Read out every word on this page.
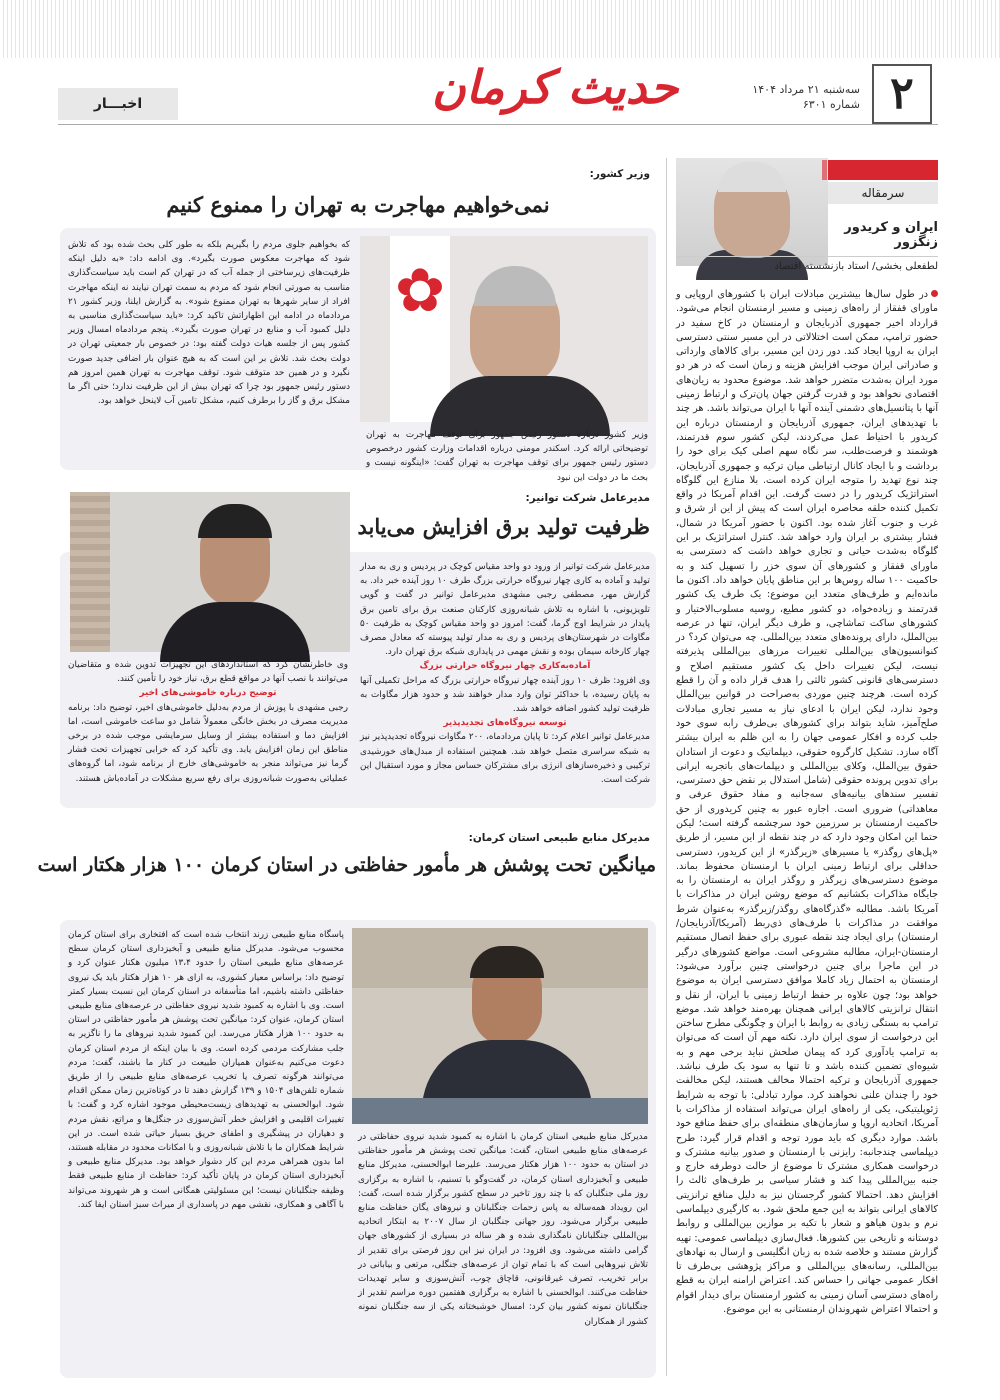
۲
سه‌شنبه ۲۱ مرداد ۱۴۰۴
شماره ۶۳۰۱
حدیث کرمان
اخبـــار
سرمقاله
ایران و کریدور زنگزور
لطفعلی بخشی/ استاد بازنشسته اقتصاد
در طول سال‌ها بیشترین مبادلات ایران با کشورهای اروپایی و ماورای قفقاز از راه‌های زمینی و مسیر ارمنستان انجام می‌شود. قرارداد اخیر جمهوری آذربایجان و ارمنستان در کاخ سفید در حضور ترامپ، ممکن است اختلالاتی در این مسیر سنتی دسترسی ایران به اروپا ایجاد کند. دور زدن این مسیر، برای کالاهای وارداتی و صادراتی ایران موجب افزایش هزینه و زمان است که در هر دو مورد ایران به‌شدت متضرر خواهد شد. موضوع محدود به زیان‌های اقتصادی نخواهد بود و قدرت گرفتن جهان پان‌ترک و ارتباط زمینی آنها با پتانسیل‌های دشمنی آینده آنها با ایران می‌تواند باشد. هر چند با تهدیدهای ایران، جمهوری آذربایجان و ارمنستان درباره این کریدور با احتیاط عمل می‌کردند، لیکن کشور سوم قدرتمند، هوشمند و فرصت‌طلب، سر نگاه سهم اصلی کیک برای خود را برداشت و با ایجاد کانال ارتباطی میان ترکیه و جمهوری آذربایجان، چند نوع تهدید را متوجه ایران کرده است. بلا منازع این گلوگاه استراتژیک کریدور را در دست گرفت. این اقدام آمریکا در واقع تکمیل کننده حلقه محاصره ایران است که پیش از این از شرق و غرب و جنوب آغاز شده بود. اکنون با حضور آمریکا در شمال، فشار بیشتری بر ایران وارد خواهد شد. کنترل استراتژیک بر این گلوگاه به‌شدت حیاتی و تجاری خواهد داشت که دسترسی به ماورای قفقاز و کشورهای آن سوی خزر را تسهیل کند و به حاکمیت ۱۰۰ ساله روس‌ها بر این مناطق پایان خواهد داد. اکنون ما مانده‌ایم و طرف‌های متعدد این موضوع: یک طرف یک کشور قدرتمند و زیاده‌خواه، دو کشور مطیع، روسیه مسلوب‌الاختیار و کشورهای ساکت تماشاچی، و طرف دیگر ایران، تنها در عرصه بین‌الملل، دارای پرونده‌های متعدد بین‌المللی. چه می‌توان کرد؟ در کنوانسیون‌های بین‌المللی تغییرات مرزهای بین‌المللی پذیرفته نیست، لیکن تغییرات داخل یک کشور مستقیم اصلاح و دسترسی‌های قانونی کشور ثالثی را هدف قرار داده و آن را قطع کرده است. هرچند چنین موردی به‌صراحت در قوانین بین‌الملل وجود ندارد، لیکن ایران با ادعای نیاز به مسیر تجاری مبادلات صلح‌آمیز، شاید بتواند برای کشورهای بی‌طرف رابه سوی خود جلب کرده و افکار عمومی جهان را به این ظلم به ایران بیشتر آگاه سازد. تشکیل کارگروه حقوقی، دیپلماتیک و دعوت از استادان حقوق بین‌الملل، وکلای بین‌المللی و دیپلمات‌های باتجربه ایرانی برای تدوین پرونده حقوقی (شامل استدلال بر نقض حق دسترسی، تفسیر سندهای بیانیه‌های سه‌جانبه و مفاد حقوق عرفی و معاهداتی) ضروری است. اجازه عبور به چنین کریدوری از حق حاکمیت ارمنستان بر سرزمین خود سرچشمه گرفته است؛ لیکن حتما این امکان وجود دارد که در چند نقطه از این مسیر، از طریق «پل‌های روگذر» یا مسیرهای «زیرگذر» از این کریدور، دسترسی حداقلی برای ارتباط زمینی ایران با ارمنستان محفوظ بماند. موضوع دسترسی‌های زیرگذر و روگذر ایران به ارمنستان را به جایگاه مذاکرات بکشانیم که موضع روشن ایران در مذاکرات با آمریکا باشد. مطالبه «گذرگاه‌های روگذر/زیرگذر» به‌عنوان شرط موافقت در مذاکرات با طرف‌های ذی‌ربط (آمریکا/آذربایجان/ارمنستان) برای ایجاد چند نقطه عبوری برای حفظ اتصال مستقیم ارمنستان-ایران، مطالبه مشروعی است. مواضع کشورهای درگیر در این ماجرا برای چنین درخواستی چنین برآورد می‌شود: ارمنستان به احتمال زیاد کاملا موافق دسترسی ایران به موضوع خواهد بود؛ چون علاوه بر حفظ ارتباط زمینی با ایران، از نقل و انتقال ترانزیتی کالاهای ایرانی همچنان بهره‌مند خواهد شد. موضع ترامپ به بستگی زیادی به روابط با ایران و چگونگی مطرح ساختن این درخواست از سوی ایران دارد. نکته مهم آن است که می‌توان به ترامپ یادآوری کرد که پیمان صلحش نباید برخی مهم و به شیوه‌ای تضمین کننده باشد و تا تنها به سود یک طرف نباشد. جمهوری آذربایجان و ترکیه احتمالا مخالف هستند، لیکن مخالفت خود را چندان علنی نخواهند کرد. موارد تبادلی: با توجه به شرایط ژئوپلیتیکی، یکی از راه‌های ایران می‌تواند استفاده از مذاکرات با آمریکا، اتحادیه اروپا و سازمان‌های منطقه‌ای برای حفظ منافع خود باشد. موارد دیگری که باید مورد توجه و اقدام قرار گیرد: طرح دیپلماسی چندجانبه: رایزنی با ارمنستان و صدور بیانیه مشترک و درخواست همکاری مشترک تا موضوع از حالت دوطرفه خارج و جنبه بین‌المللی پیدا کند و فشار سیاسی بر طرف‌های ثالث را افزایش دهد. احتمالا کشور گرجستان نیز به دلیل منافع ترانزیتی کالاهای ایرانی بتواند به این جمع ملحق شود. به کارگیری دیپلماسی نرم و بدون هیاهو و شعار با تکیه بر موازین بین‌المللی و روابط دوستانه و تاریخی بین کشورها. فعال‌سازی دیپلماسی عمومی: تهیه گزارش مستند و خلاصه شده به زبان انگلیسی و ارسال به نهادهای بین‌المللی، رسانه‌های بین‌المللی و مراکز پژوهشی بی‌طرف تا افکار عمومی جهانی را حساس کند. اعتراض ارامنه ایران به قطع راه‌های دسترسی آسان زمینی به کشور ارمنستان برای دیدار اقوام و احتمالا اعتراض شهروندان ارمنستانی به این موضوع.
وزیر کشور:
نمی‌خواهیم مهاجرت به تهران را ممنوع کنیم
✿
وزیر کشور درباره دستور رئیس جمهور برای توقف مهاجرت به تهران توضیحاتی ارائه کرد. اسکندر مومنی درباره اقدامات وزارت کشور درخصوص دستور رئیس جمهور برای توقف مهاجرت به تهران گفت: «اینگونه نیست و بحث ما در دولت این نبود
که بخواهیم جلوی مردم را بگیریم بلکه به طور کلی بحث شده بود که تلاش شود که مهاجرت معکوس صورت بگیرد». وی ادامه داد: «به دلیل اینکه ظرفیت‌های زیرساختی از جمله آب که در تهران کم است باید سیاست‌گذاری مناسب به صورتی انجام شود که مردم به سمت تهران نیایند نه اینکه مهاجرت افراد از سایر شهرها به تهران ممنوع شود». به گزارش ایلنا، وزیر کشور ۲۱ مردادماه در ادامه این اظهاراتش تاکید کرد: «باید سیاست‌گذاری مناسبی به دلیل کمبود آب و منابع در تهران صورت بگیرد». پنجم مردادماه امسال وزیر کشور پس از جلسه هیات دولت گفته بود: در خصوص بار جمعیتی تهران در دولت بحث شد. تلاش بر این است که به هیچ عنوان بار اضافی جدید صورت نگیرد و در همین حد متوقف شود. توقف مهاجرت به تهران همین امروز هم دستور رئیس جمهور بود چرا که تهران بیش از این ظرفیت ندارد؛ حتی اگر ما مشکل برق و گاز را برطرف کنیم، مشکل تامین آب لاینحل خواهد بود.
مدیرعامل شرکت توانیر:
ظرفیت تولید برق افزایش می‌یابد
مدیرعامل شرکت توانیر از ورود دو واحد مقیاس کوچک در پردیس و ری به مدار تولید و آماده به کاری چهار نیروگاه حرارتی بزرگ طرف ۱۰ روز آینده خبر داد. به گزارش مهر، مصطفی رجبی مشهدی مدیرعامل توانیر در گفت و گویی تلویزیونی، با اشاره به تلاش شبانه‌روزی کارکنان صنعت برق برای تامین برق پایدار در شرایط اوج گرما، گفت: امروز دو واحد مقیاس کوچک به ظرفیت ۵۰ مگاوات در شهرستان‌های پردیس و ری به مدار تولید پیوسته که معادل مصرف چهار کارخانه سیمان بوده و نقش مهمی در پایداری شبکه برق تهران دارد.
آماده‌به‌کاری چهار نیروگاه حرارتی بزرگ
وی افزود: ظرف ۱۰ روز آینده چهار نیروگاه حرارتی بزرگ که مراحل تکمیلی آنها به پایان رسیده، با حداکثر توان وارد مدار خواهند شد و حدود هزار مگاوات به ظرفیت تولید کشور اضافه خواهد شد.
توسعه نیروگاه‌های تجدیدپذیر
مدیرعامل توانیر اعلام کرد: تا پایان مردادماه، ۲۰۰ مگاوات نیروگاه تجدیدپذیر نیز به شبکه سراسری متصل خواهد شد. همچنین استفاده از مبدل‌های خورشیدی ترکیبی و ذخیره‌سازهای انرژی برای مشترکان حساس مجاز و مورد استقبال این شرکت است.
وی خاطرنشان کرد که استانداردهای این تجهیزات تدوین شده و متقاضیان می‌توانند با نصب آنها در مواقع قطع برق، نیاز خود را تأمین کنند.
توضیح درباره خاموشی‌های اخیر
رجبی مشهدی با پوزش از مردم به‌دلیل خاموشی‌های اخیر، توضیح داد: برنامه مدیریت مصرف در بخش خانگی معمولاً شامل دو ساعت خاموشی است، اما افزایش دما و استفاده بیشتر از وسایل سرمایشی موجب شده در برخی مناطق این زمان افزایش یابد. وی تأکید کرد که خرابی تجهیزات تحت فشار گرما نیز می‌تواند منجر به خاموشی‌های خارج از برنامه شود، اما گروه‌های عملیاتی به‌صورت شبانه‌روزی برای رفع سریع مشکلات در آماده‌باش هستند.
مدیرکل منابع طبیعی استان کرمان:
میانگین تحت پوشش هر مأمور حفاظتی در استان کرمان ۱۰۰ هزار هکتار است
مدیرکل منابع طبیعی استان کرمان با اشاره به کمبود شدید نیروی حفاظتی در عرصه‌های منابع طبیعی استان، گفت: میانگین تحت پوشش هر مأمور حفاظتی در استان به حدود ۱۰۰ هزار هکتار می‌رسد. علیرضا ابوالحسنی، مدیرکل منابع طبیعی و آبخیزداری استان کرمان، در گفت‌وگو با تسنیم، با اشاره به برگزاری روز ملی جنگلبان که با چند روز تاخیر در سطح کشور برگزار شده است، گفت: این رویداد همه‌ساله به پاس زحمات جنگلبانان و نیروهای یگان حفاظت منابع طبیعی برگزار می‌شود. روز جهانی جنگلبان از سال ۲۰۰۷ به ابتکار اتحادیه بین‌المللی جنگلبانان نامگذاری شده و هر ساله در بسیاری از کشورهای جهان گرامی داشته می‌شود. وی افزود: در ایران نیز این روز فرصتی برای تقدیر از تلاش نیروهایی است که با تمام توان از عرصه‌های جنگلی، مرتعی و بیابانی در برابر تخریب، تصرف غیرقانونی، قاچاق چوب، آتش‌سوزی و سایر تهدیدات حفاظت می‌کنند. ابوالحسنی با اشاره به برگزاری هفتمین دوره مراسم تقدیر از جنگلبانان نمونه کشور بیان کرد: امسال خوشبختانه یکی از سه جنگلبان نمونه کشور از همکاران
پاسگاه منابع طبیعی زرند انتخاب شده است که افتخاری برای استان کرمان محسوب می‌شود. مدیرکل منابع طبیعی و آبخیزداری استان کرمان سطح عرصه‌های منابع طبیعی استان را حدود ۱۳،۴ میلیون هکتار عنوان کرد و توضیح داد: براساس معیار کشوری، به ازای هر ۱۰ هزار هکتار باید یک نیروی حفاظتی داشته باشیم، اما متأسفانه در استان کرمان این نسبت بسیار کمتر است. وی با اشاره به کمبود شدید نیروی حفاظتی در عرصه‌های منابع طبیعی استان کرمان، عنوان کرد: میانگین تحت پوشش هر مأمور حفاظتی در استان به حدود ۱۰۰ هزار هکتار می‌رسد. این کمبود شدید نیروهای ما را ناگزیر به جلب مشارکت مردمی کرده است. وی با بیان اینکه از مردم استان کرمان دعوت می‌کنیم به‌عنوان همیاران طبیعت در کنار ما باشند، گفت: مردم می‌توانند هرگونه تصرف یا تخریب عرصه‌های منابع طبیعی را از طریق شماره تلفن‌های ۱۵۰۴ و ۱۳۹ گزارش دهند تا در کوتاه‌ترین زمان ممکن اقدام شود. ابوالحسنی به تهدیدهای زیست‌محیطی موجود اشاره کرد و گفت: با تغییرات اقلیمی و افزایش خطر آتش‌سوزی در جنگل‌ها و مراتع، نقش مردم و دهیاران در پیشگیری و اطفای حریق بسیار حیاتی شده است. در این شرایط همکاران ما با تلاش شبانه‌روزی و با امکانات محدود در مقابله هستند، اما بدون همراهی مردم این کار دشوار خواهد بود. مدیرکل منابع طبیعی و آبخیزداری استان کرمان در پایان تأکید کرد: حفاظت از منابع طبیعی فقط وظیفه جنگلبانان نیست؛ این مسئولیتی همگانی است و هر شهروند می‌تواند با آگاهی و همکاری، نقشی مهم در پاسداری از میراث سبز استان ایفا کند.
